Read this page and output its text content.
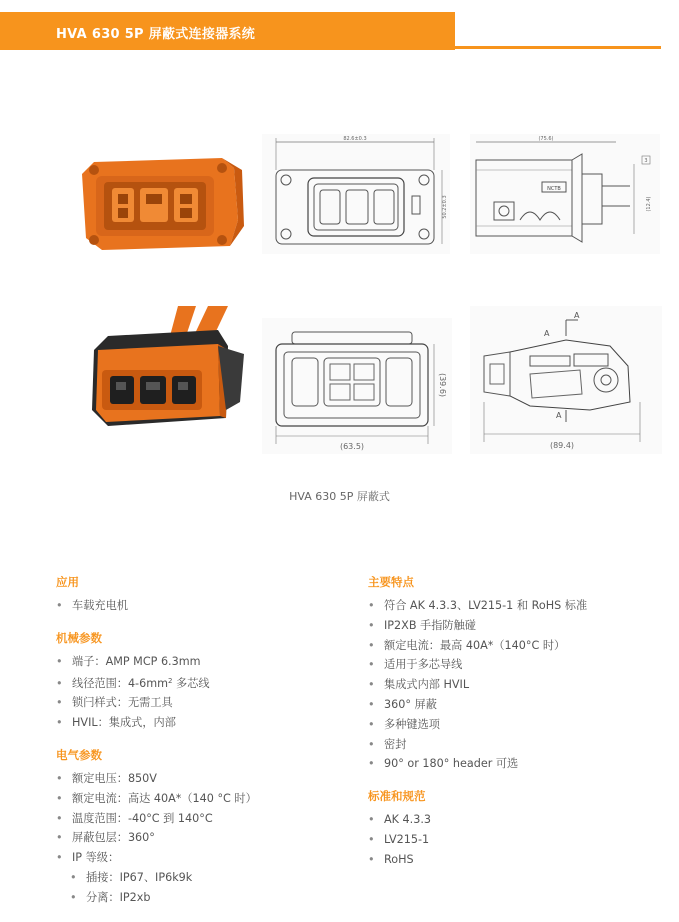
HVA 630 5P 屏蔽式连接器系统
82.6±0.3
50.2±0.3
(75.6)
NCTB
3
(12.4)
(39.6)
(63.5)
A
A
A
(89.4)
HVA 630 5P 屏蔽式
应用
• 车载充电机
机械参数
• 端子：AMP MCP 6.3mm
• 线径范围：$4-6mm^2$ 多芯线
• 锁闩样式：无需工具
• HVIL：集成式，内部
电气参数
• 额定电压：850V
• 额定电流：高达 40A*（140 °C 时）
• 温度范围：-40°C 到 140°C
• 屏蔽包层：360°
• IP 等级：
• 插接：IP67、IP6k9k
• 分离：IP2xb
主要特点
• 符合 AK 4.3.3、LV215-1 和 RoHS 标准
• IP2XB 手指防触碰
• 额定电流：最高 40A*（140°C 时）
• 适用于多芯导线
• 集成式内部 HVIL
• 360° 屏蔽
• 多种键选项
• 密封
• 90° or 180° header 可选
标准和规范
• AK 4.3.3
• LV215-1
• RoHS
